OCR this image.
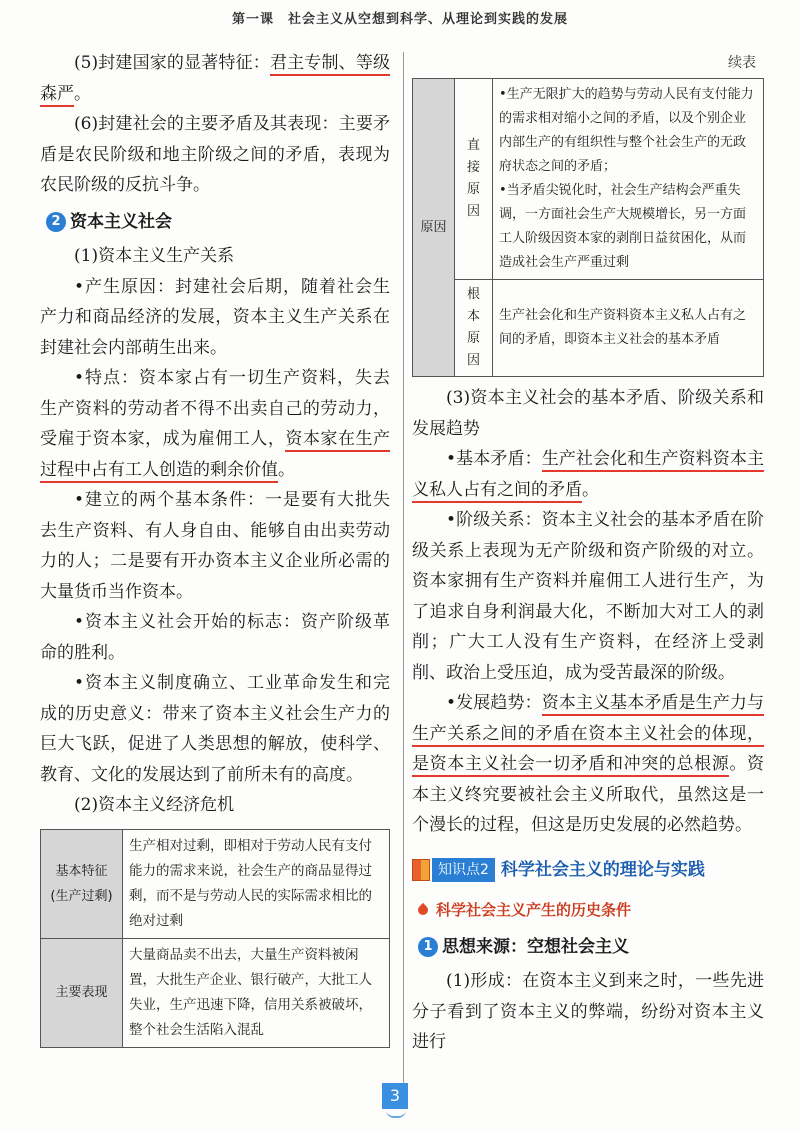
第一课 社会主义从空想到科学、从理论到实践的发展

(5)封建国家的显著特征：君主专制、等级森严。

(6)封建社会的主要矛盾及其表现：主要矛盾是农民阶级和地主阶级之间的矛盾，表现为农民阶级的反抗斗争。

2 资本主义社会

(1)资本主义生产关系

•产生原因：封建社会后期，随着社会生产力和商品经济的发展，资本主义生产关系在封建社会内部萌生出来。

•特点：资本家占有一切生产资料，失去生产资料的劳动者不得不出卖自己的劳动力，受雇于资本家，成为雇佣工人，资本家在生产过程中占有工人创造的剩余价值。

•建立的两个基本条件：一是要有大批失去生产资料、有人身自由、能够自由出卖劳动力的人；二是要有开办资本主义企业所必需的大量货币当作资本。

•资本主义社会开始的标志：资产阶级革命的胜利。

•资本主义制度确立、工业革命发生和完成的历史意义：带来了资本主义社会生产力的巨大飞跃，促进了人类思想的解放，使科学、教育、文化的发展达到了前所未有的高度。

(2)资本主义经济危机

基本特征
(生产过剩)	生产相对过剩，即相对于劳动人民有支付能力的需求来说，社会生产的商品显得过剩，而不是与劳动人民的实际需求相比的绝对过剩
主要表现	大量商品卖不出去，大量生产资料被闲置，大批生产企业、银行破产，大批工人失业，生产迅速下降，信用关系被破坏，整个社会生活陷入混乱
续表
原因	直接原因	•生产无限扩大的趋势与劳动人民有支付能力的需求相对缩小之间的矛盾，以及个别企业内部生产的有组织性与整个社会生产的无政府状态之间的矛盾；
•当矛盾尖锐化时，社会生产结构会严重失调，一方面社会生产大规模增长，另一方面工人阶级因资本家的剥削日益贫困化，从而造成社会生产严重过剩
	根本原因	生产社会化和生产资料资本主义私人占有之间的矛盾，即资本主义社会的基本矛盾

(3)资本主义社会的基本矛盾、阶级关系和发展趋势

•基本矛盾：生产社会化和生产资料资本主义私人占有之间的矛盾。

•阶级关系：资本主义社会的基本矛盾在阶级关系上表现为无产阶级和资产阶级的对立。资本家拥有生产资料并雇佣工人进行生产，为了追求自身利润最大化，不断加大对工人的剥削；广大工人没有生产资料，在经济上受剥削、政治上受压迫，成为受苦最深的阶级。

•发展趋势：资本主义基本矛盾是生产力与生产关系之间的矛盾在资本主义社会的体现，是资本主义社会一切矛盾和冲突的总根源。资本主义终究要被社会主义所取代，虽然这是一个漫长的过程，但这是历史发展的必然趋势。

知识点2 科学社会主义的理论与实践
科学社会主义产生的历史条件
1 思想来源：空想社会主义

(1)形成：在资本主义到来之时，一些先进分子看到了资本主义的弊端，纷纷对资本主义进行

3
